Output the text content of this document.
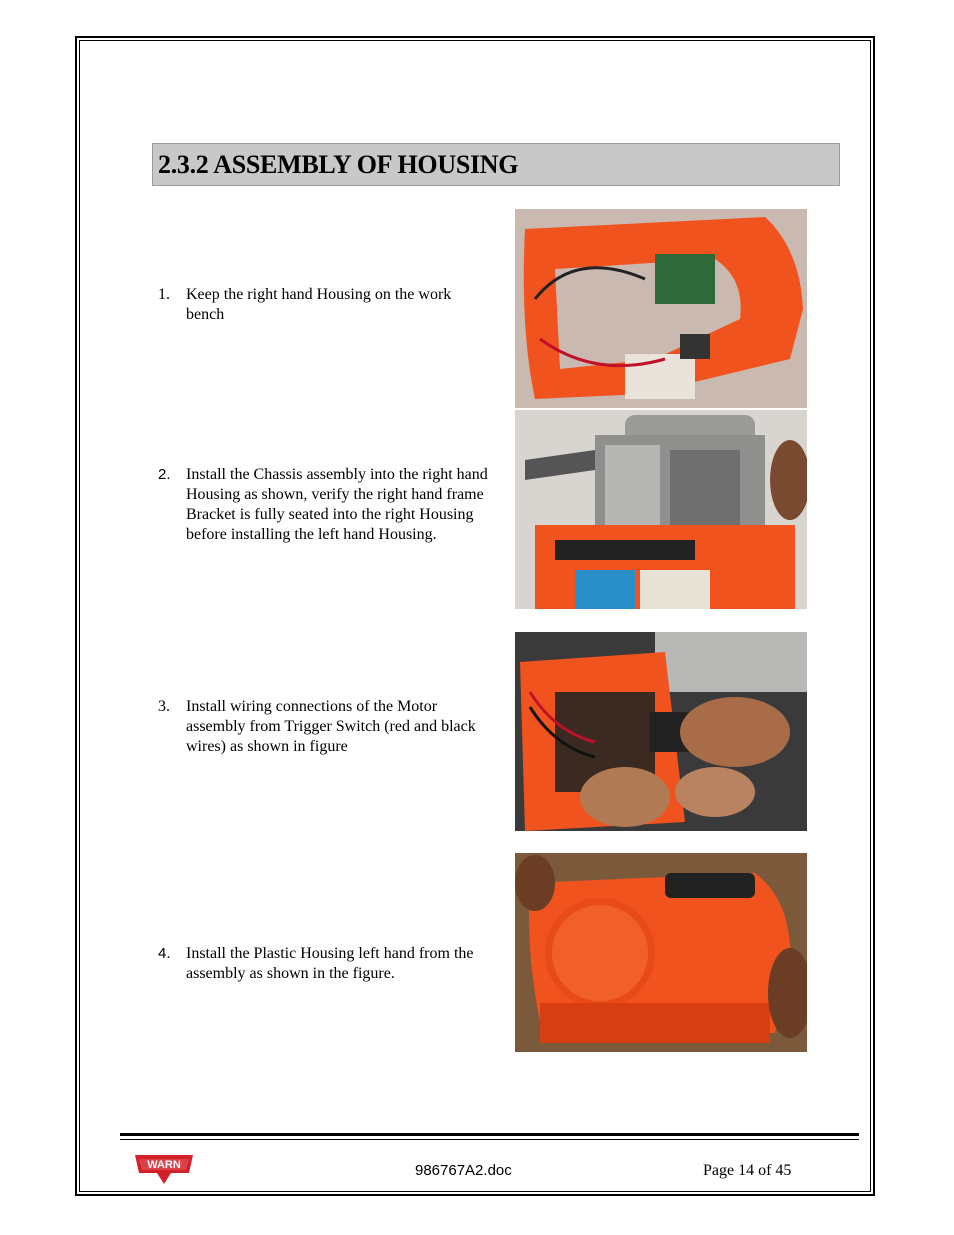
2.3.2 ASSEMBLY OF HOUSING
1. Keep the right hand Housing on the work bench
2. Install the Chassis assembly into the right hand Housing as shown, verify the right hand frame Bracket is fully seated into the right Housing before installing the left hand Housing.
3. Install wiring connections of the Motor assembly from Trigger Switch (red and black wires) as shown in figure
4. Install the Plastic Housing left hand from the assembly as shown in the figure.
WARN	986767A2.doc	Page 14 of 45
